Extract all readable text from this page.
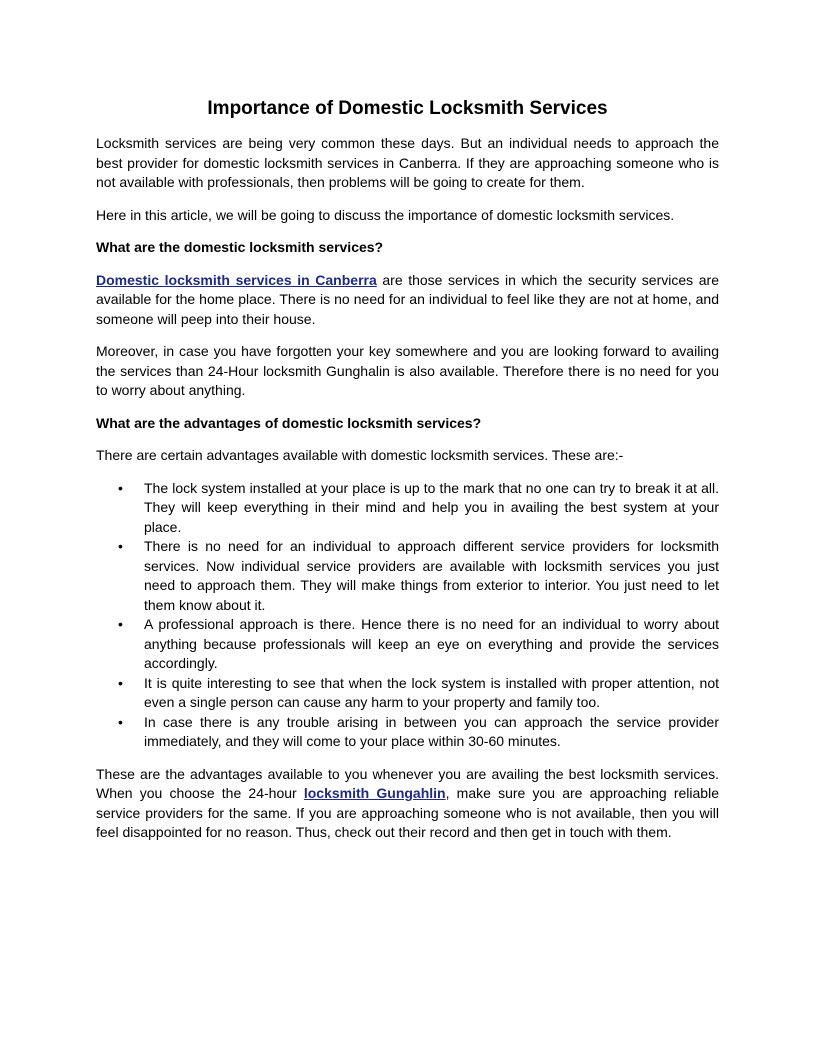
Importance of Domestic Locksmith Services

Locksmith services are being very common these days. But an individual needs to approach the best provider for domestic locksmith services in Canberra. If they are approaching someone who is not available with professionals, then problems will be going to create for them.

Here in this article, we will be going to discuss the importance of domestic locksmith services.

What are the domestic locksmith services?

Domestic locksmith services in Canberra are those services in which the security services are available for the home place. There is no need for an individual to feel like they are not at home, and someone will peep into their house.

Moreover, in case you have forgotten your key somewhere and you are looking forward to availing the services than 24-Hour locksmith Gunghalin is also available. Therefore there is no need for you to worry about anything.

What are the advantages of domestic locksmith services?

There are certain advantages available with domestic locksmith services. These are:-

• The lock system installed at your place is up to the mark that no one can try to break it at all. They will keep everything in their mind and help you in availing the best system at your place.
• There is no need for an individual to approach different service providers for locksmith services. Now individual service providers are available with locksmith services you just need to approach them. They will make things from exterior to interior. You just need to let them know about it.
• A professional approach is there. Hence there is no need for an individual to worry about anything because professionals will keep an eye on everything and provide the services accordingly.
• It is quite interesting to see that when the lock system is installed with proper attention, not even a single person can cause any harm to your property and family too.
• In case there is any trouble arising in between you can approach the service provider immediately, and they will come to your place within 30-60 minutes.

These are the advantages available to you whenever you are availing the best locksmith services. When you choose the 24-hour locksmith Gungahlin, make sure you are approaching reliable service providers for the same. If you are approaching someone who is not available, then you will feel disappointed for no reason. Thus, check out their record and then get in touch with them.
